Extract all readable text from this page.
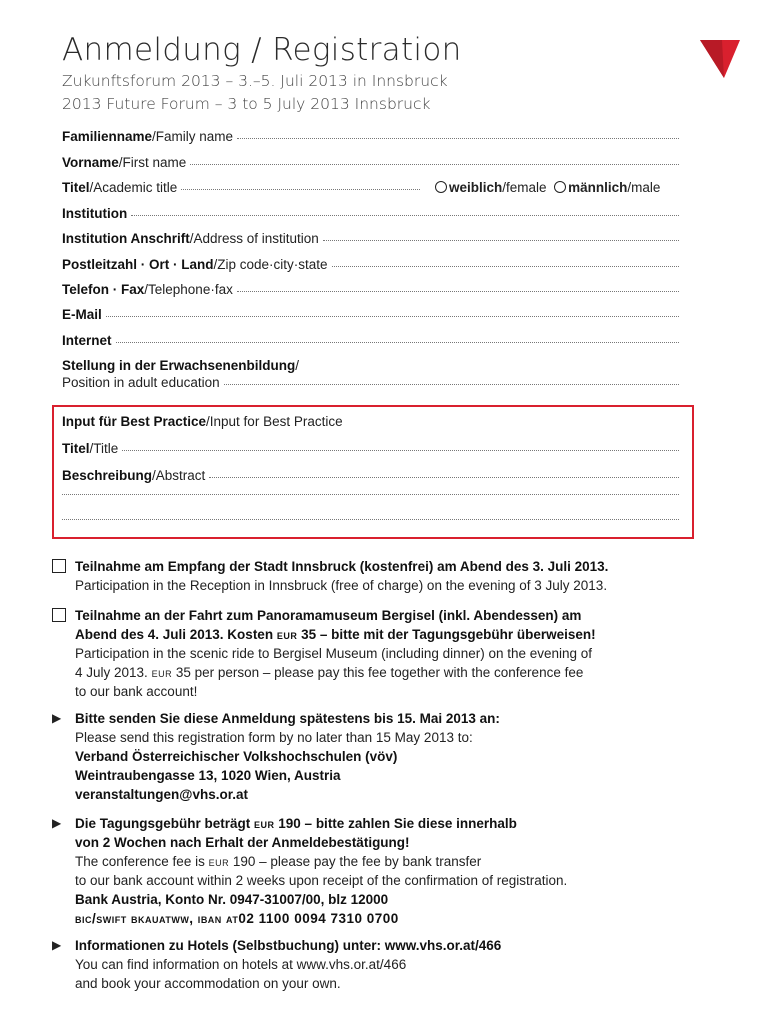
Anmeldung / Registration
Zukunftsforum 2013 – 3.–5. Juli 2013 in Innsbruck
2013 Future Forum – 3 to 5 July 2013 Innsbruck
Familienname/Family name
Vorname/First name
Titel/Academic title	weiblich/female männlich/male
Institution
Institution Anschrift/Address of institution
Postleitzahl · Ort · Land/Zip code·city·state
Telefon · Fax/Telephone·fax
E-Mail
Internet
Stellung in der Erwachsenenbildung/
Position in adult education
Input für Best Practice/Input for Best Practice
Titel/Title
Beschreibung/Abstract
Teilnahme am Empfang der Stadt Innsbruck (kostenfrei) am Abend des 3. Juli 2013.
Participation in the Reception in Innsbruck (free of charge) on the evening of 3 July 2013.
Teilnahme an der Fahrt zum Panoramamuseum Bergisel (inkl. Abendessen) am
Abend des 4. Juli 2013. Kosten eur 35 – bitte mit der Tagungsgebühr überweisen!
Participation in the scenic ride to Bergisel Museum (including dinner) on the evening of
4 July 2013. eur 35 per person – please pay this fee together with the conference fee
to our bank account!
▶ Bitte senden Sie diese Anmeldung spätestens bis 15. Mai 2013 an:
Please send this registration form by no later than 15 May 2013 to:
Verband Österreichischer Volkshochschulen (vöv)
Weintraubengasse 13, 1020 Wien, Austria
veranstaltungen@vhs.or.at
▶ Die Tagungsgebühr beträgt eur 190 – bitte zahlen Sie diese innerhalb
von 2 Wochen nach Erhalt der Anmeldebestätigung!
The conference fee is eur 190 – please pay the fee by bank transfer
to our bank account within 2 weeks upon receipt of the confirmation of registration.
Bank Austria, Konto Nr. 0947-31007/00, blz 12000
bic/swift bkauatww, iban at02 1100 0094 7310 0700
▶ Informationen zu Hotels (Selbstbuchung) unter: www.vhs.or.at/466
You can find information on hotels at www.vhs.or.at/466
and book your accommodation on your own.
